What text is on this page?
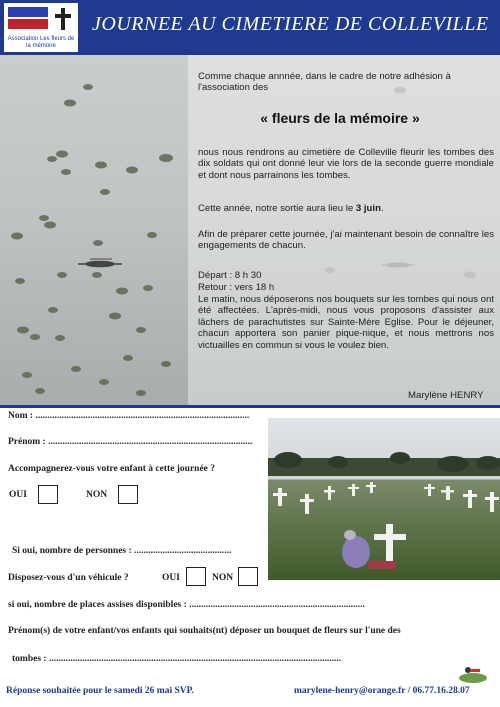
Association Les fleurs de la mémoire
JOURNEE AU CIMETIERE DE COLLEVILLE
Comme chaque annnée, dans le cadre de notre adhésion à l'association des
« fleurs de la mémoire »
nous nous rendrons au cimetière de Colleville fleurir les tombes des dix soldats qui ont donné leur vie lors de la seconde guerre mondiale et dont nous parrainons les tombes.
Cette année, notre sortie aura lieu le 3 juin.
Afin de préparer cette journée, j'ai maintenant besoin de connaître les engagements de chacun.
Départ : 8 h 30
Retour : vers 18 h
Le matin, nous déposerons nos bouquets sur les tombes qui nous ont été affectées. L'après-midi, nous vous proposons d'assister aux lâchers de parachutistes sur Sainte-Mère Eglise. Pour le déjeuner, chacun apportera son panier pique-nique, et nous mettrons nos victuailles en commun si vous le voulez bien.
Marylène HENRY
Nom : ..........................................................................................
Prénom : ......................................................................................
Accompagnerez-vous votre enfant à cette journée ?
OUI	NON
Si oui, nombre de personnes : .........................................
Disposez-vous d'un véhicule ?	OUI	NON
si oui, nombre de places assises disponibles : ..........................................................................
Prénom(s) de votre enfant/vos enfants qui souhaits(nt) déposer un bouquet de fleurs sur l'une des
tombes : ...........................................................................................................................
Réponse souhaitée pour le samedi 26 mai SVP.	marylene-henry@orange.fr / 06.77.16.28.07
